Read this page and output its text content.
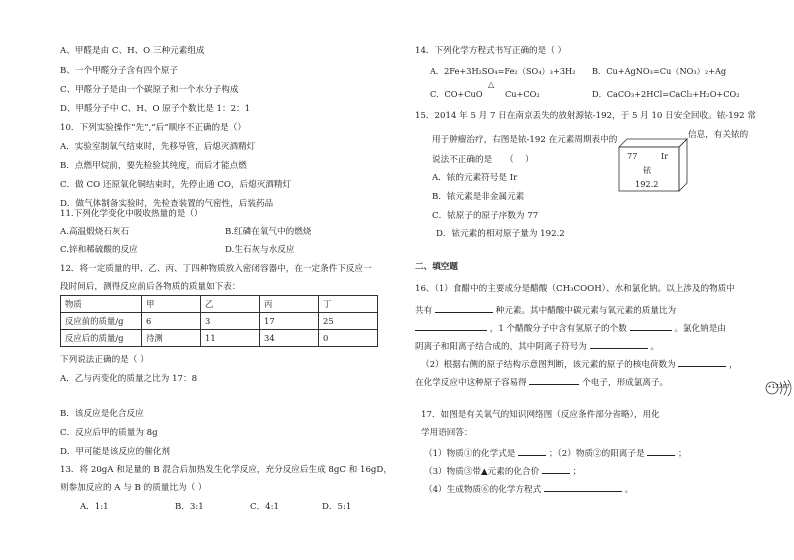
A、甲醛是由 C、H、O 三种元素组成
B、一个甲醛分子含有四个原子
C、甲醛分子是由一个碳原子和一个水分子构成
D、甲醛分子中 C、H、O 原子个数比是 1：2：1
10．下列实验操作“先”,“后”顺序不正确的是（）
A．实验室制氧气结束时，先移导管，后熄灭酒精灯
B．点燃甲烷前，要先检验其纯度，而后才能点燃
C．做 CO 还原氧化铜结束时，先停止通 CO，后熄灭酒精灯
D．做气体制备实验时，先检查装置的气密性，后装药品
11.下列化学变化中吸收热量的是（）
A.高温煅烧石灰石	B.红磷在氧气中的燃烧
C.锌和稀硫酸的反应	D.生石灰与水反应
12．将一定质量的甲、乙、丙、丁四种物质放入密闭容器中，在一定条件下反应一
段时间后，测得反应前后各物质的质量如下表：
物质	甲	乙	丙	丁
反应前的质量/g	6	3	17	25
反应后的质量/g	待测	11	34	0
下列说法正确的是（ ）
A．乙与丙变化的质量之比为 17：8
B．该反应是化合反应
C．反应后甲的质量为 8g
D．甲可能是该反应的催化剂
13．将 20gA 和足量的 B 混合后加热发生化学反应，充分反应后生成 8gC 和 16gD，
则参加反应的 A 与 B 的质量比为（ ）
A．1:1	B．3:1	C．4:1	D．5:1
14．下列化学方程式书写正确的是（ ）
A．2Fe+3H₂SO₄=Fe₂（SO₄）₃+3H₂ B．Cu+AgNO₃=Cu（NO₃）₂+Ag
C．CO+CuO
△
Cu+CO₂	D．CaCO₃+2HCl=CaCl₂+H₂O+CO₂
15．2014 年 5 月 7 日在南京丢失的放射源铱-192，于 5 月 10 日安全回收。铱-192 常
用于肿瘤治疗，右图是铱-192 在元素周期表中的	信息，有关铱的
说法不正确的是　　（　 ）
A．铱的元素符号是 Ir
B．铱元素是非金属元素
C．铱原子的原子序数为 77
D．铱元素的相对原子量为 192.2
77	Ir
铱
192.2
二、填空题
16、（1）食醋中的主要成分是醋酸（CH₃COOH）、水和氯化钠。以上涉及的物质中
共有	种元素。其中醋酸中碳元素与氧元素的质量比为
，1 个醋酸分子中含有氢原子的个数	。氯化钠是由
阴离子和阳离子结合成的，其中阴离子符号为	。
（2）根据右侧的原子结构示意图判断，该元素的原子的核电荷数为	，
在化学反应中这种原子容易得	个电子，形成氯离子。	+17 2 8 7
17．如图是有关氧气的知识网络图（反应条件部分省略），用化
学用语回答：
（1）物质①的化学式是	；（2）物质②的阳离子是	；
（3）物质③带▲元素的化合价	；
（4）生成物质⑥的化学方程式	。
